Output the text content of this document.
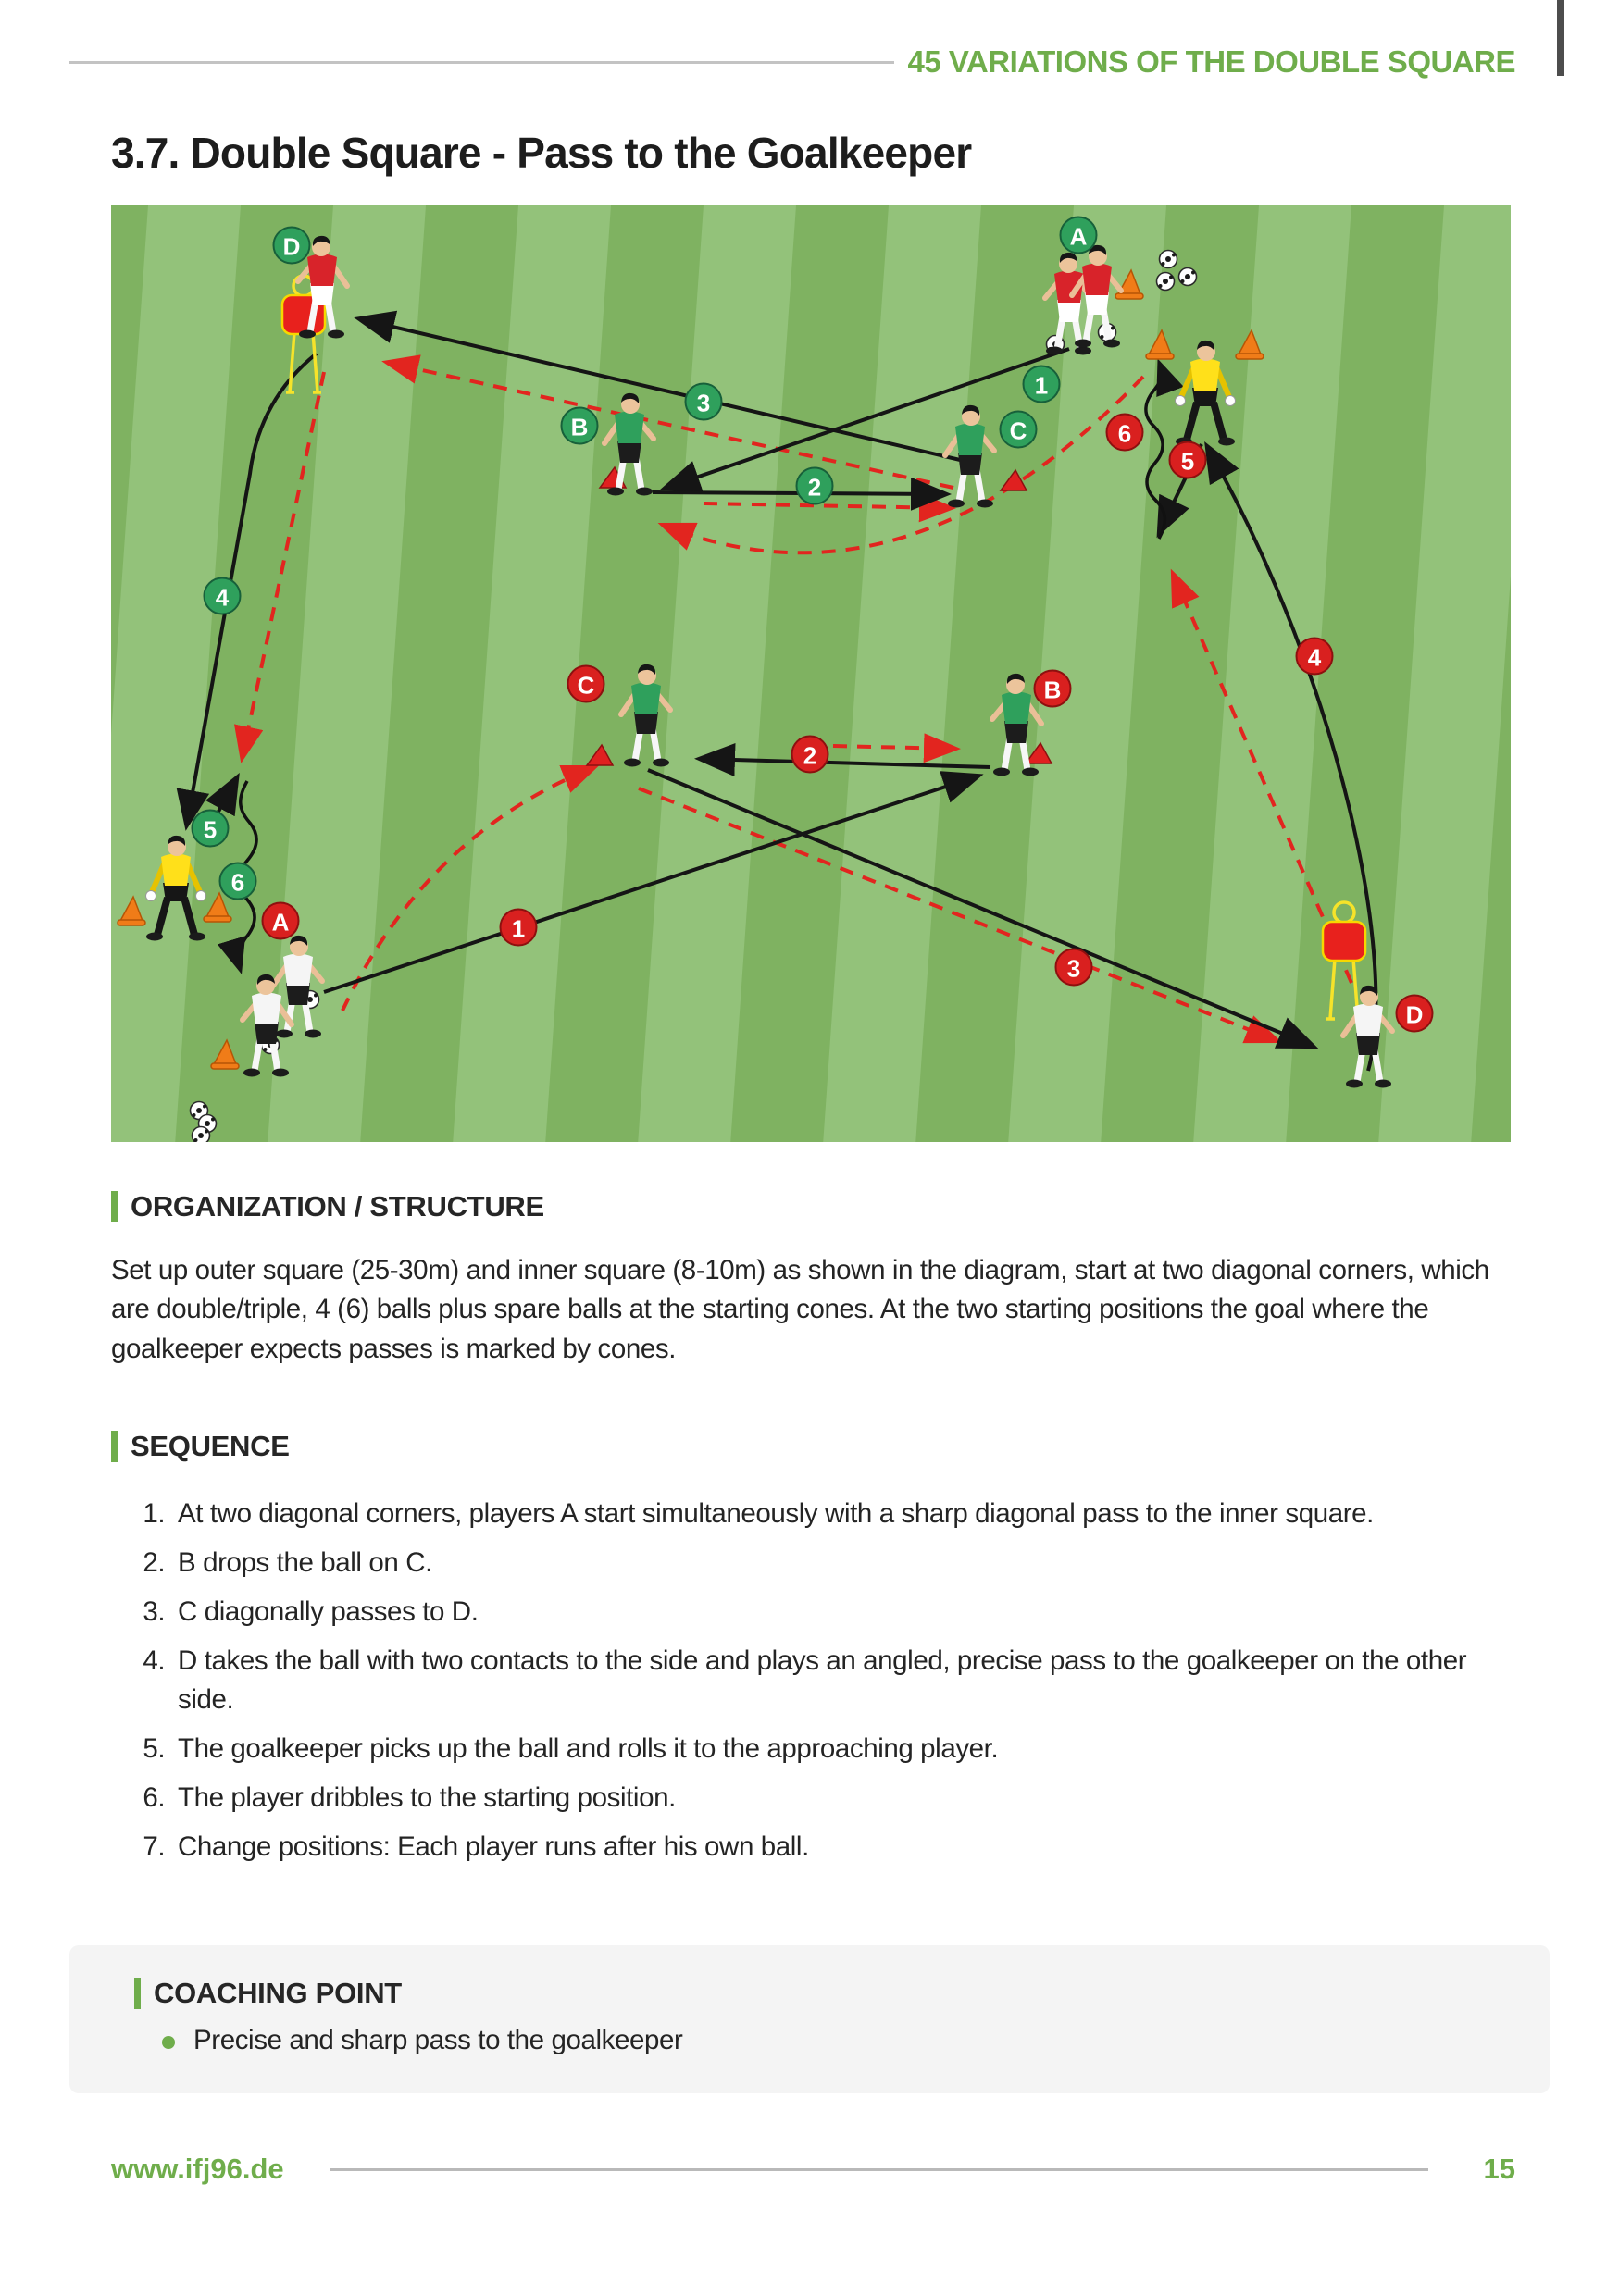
45 VARIATIONS OF THE DOUBLE SQUARE
3.7. Double Square - Pass to the Goalkeeper
D
B
3
2
1
C
4
5
6
A
A	1
C
2
B
3
D
4
5
6
ORGANIZATION / STRUCTURE

Set up outer square (25-30m) and inner square (8-10m) as shown in the diagram, start at two diagonal corners, which are double/triple, 4 (6) balls plus spare balls at the starting cones. At the two starting positions the goal where the goalkeeper expects passes is marked by cones.

SEQUENCE
1. At two diagonal corners, players A start simultaneously with a sharp diagonal pass to the inner square.
2. B drops the ball on C.
3. C diagonally passes to D.
4. D takes the ball with two contacts to the side and plays an angled, precise pass to the goalkeeper on the other side.
5. The goalkeeper picks up the ball and rolls it to the approaching player.
6. The player dribbles to the starting position.
7. Change positions: Each player runs after his own ball.
COACHING POINT
Precise and sharp pass to the goalkeeper
www.ifj96.de	15
